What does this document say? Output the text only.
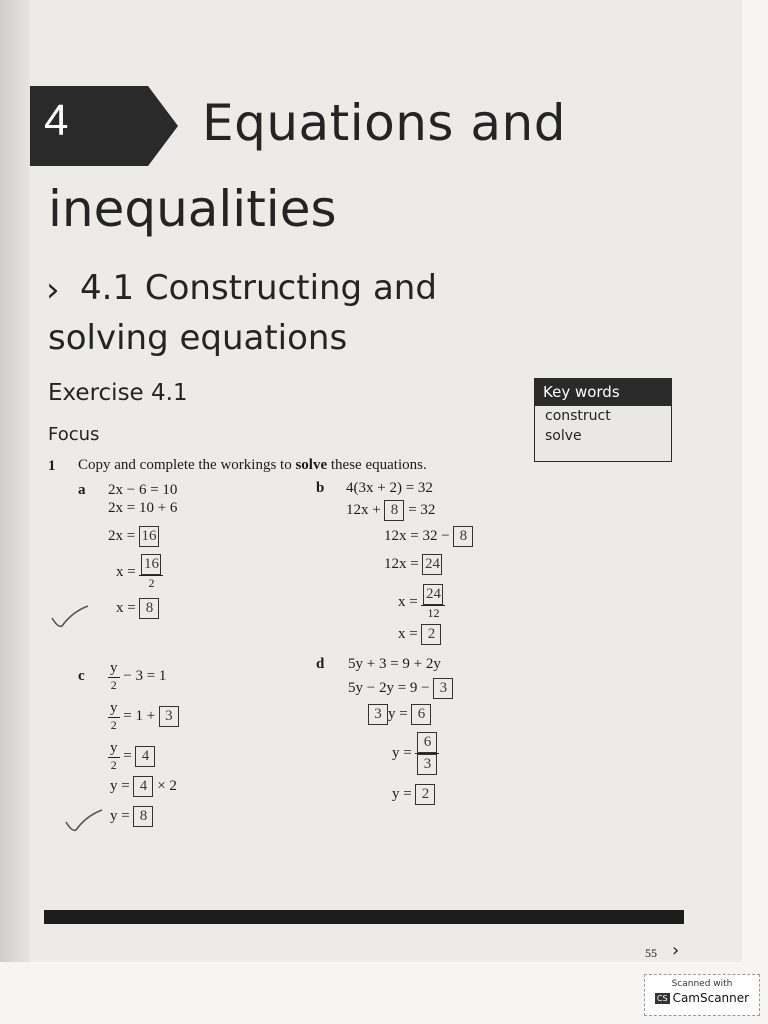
4	Equations and
inequalities
› 4.1 Constructing and
solving equations
Exercise 4.1
Focus
Key words
construct
solve
1 Copy and complete the workings to solve these equations.
a 2x − 6 = 10
2x = 10 + 6
2x = 16
$x = \frac{16}{2}$
x = 8
b 4(3x + 2) = 32
12x + 8 = 32
12x = 32 − 8
12x = 24
$x = \frac{24}{12}$
x = 2
c $\frac{y}{2} - 3 = 1$
$\frac{y}{2} = 1 + 3$
$\frac{y}{2} = 4$
y = 4 × 2
y = 8
d 5y + 3 = 9 + 2y
5y − 2y = 9 − 3
3 y = 6
$y = \frac{6}{3}$
y = 2
55 ›
Scanned with
CS CamScanner
